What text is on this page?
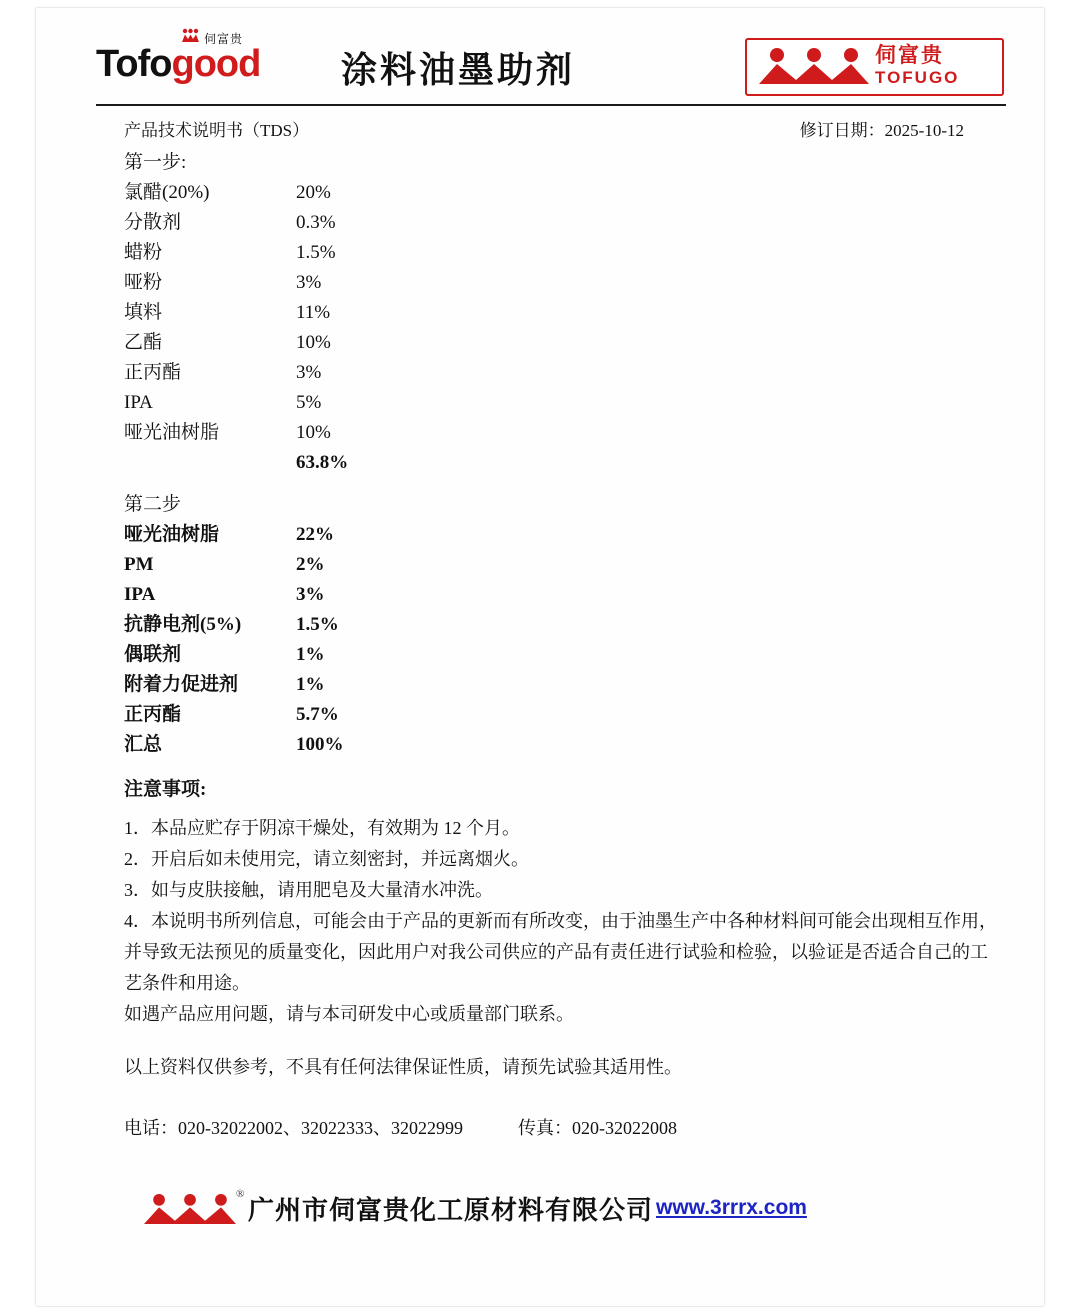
伺富贵
Tofogood 涂料油墨助剂	伺富贵
TOFUGO
产品技术说明书（TDS）	修订日期：2025-10-12
第一步:
氯醋(20%)	20%
分散剂	0.3%
蜡粉	1.5%
哑粉	3%
填料	11%
乙酯	10%
正丙酯	3%
IPA	5%
哑光油树脂	10%
63.8%
第二步
哑光油树脂	22%
PM	2%
IPA	3%
抗静电剂(5%)	1.5%
偶联剂	1%
附着力促进剂	1%
正丙酯	5.7%
汇总	100%
注意事项:
1．本品应贮存于阴凉干燥处，有效期为 12 个月。
2．开启后如未使用完，请立刻密封，并远离烟火。
3．如与皮肤接触，请用肥皂及大量清水冲洗。
4．本说明书所列信息，可能会由于产品的更新而有所改变，由于油墨生产中各种材料间可能会出现相互作用，并导致无法预见的质量变化，因此用户对我公司供应的产品有责任进行试验和检验，以验证是否适合自己的工艺条件和用途。
如遇产品应用问题，请与本司研发中心或质量部门联系。
以上资料仅供参考，不具有任何法律保证性质，请预先试验其适用性。
电话：020-32022002、32022333、32022999	传真：020-32022008
®
广州市伺富贵化工原材料有限公司 www.3rrrx.com
